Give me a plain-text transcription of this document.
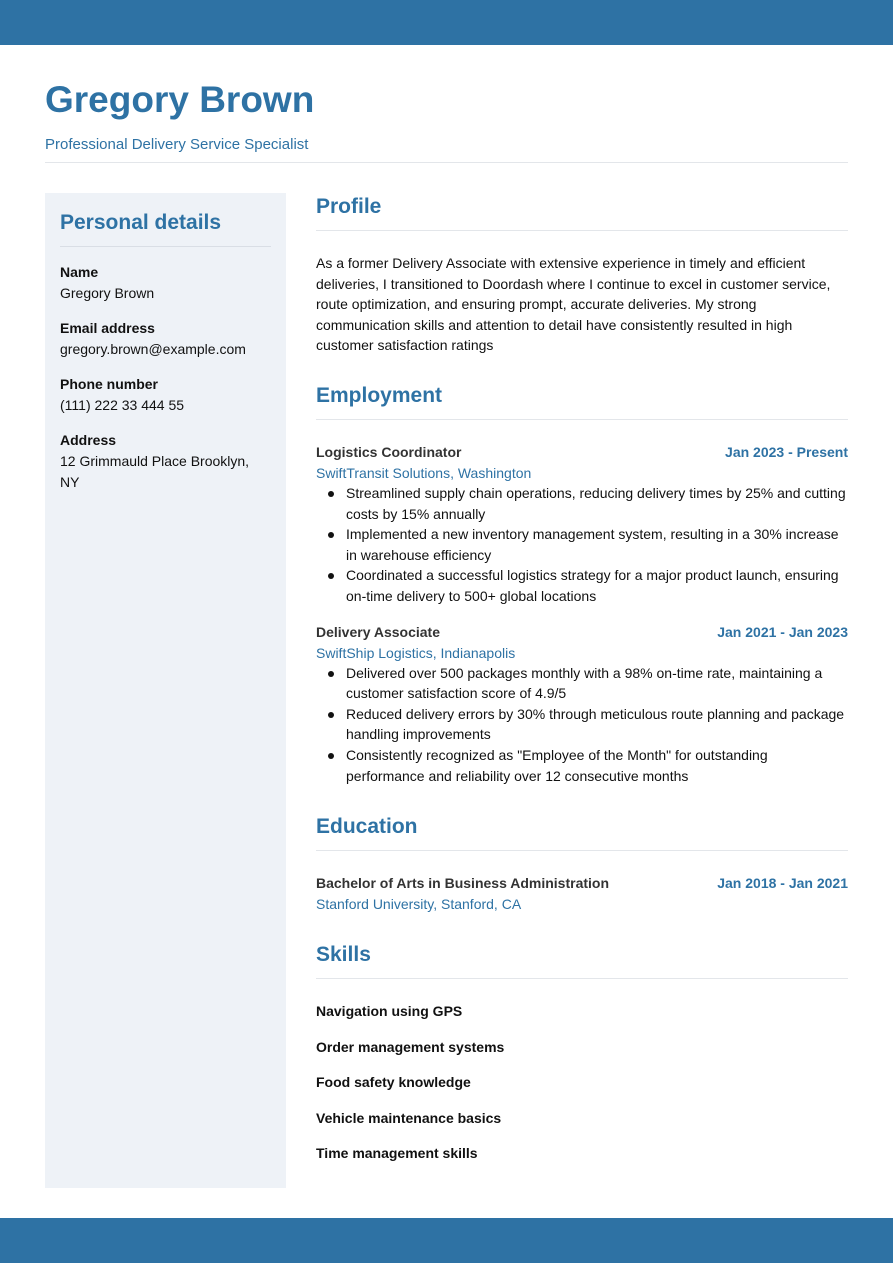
Gregory Brown
Professional Delivery Service Specialist
Personal details
Name
Gregory Brown
Email address
gregory.brown@example.com
Phone number
(111) 222 33 444 55
Address
12 Grimmauld Place Brooklyn, NY
Profile

As a former Delivery Associate with extensive experience in timely and efficient deliveries, I transitioned to Doordash where I continue to excel in customer service, route optimization, and ensuring prompt, accurate deliveries. My strong communication skills and attention to detail have consistently resulted in high customer satisfaction ratings

Employment
Logistics Coordinator	Jan 2023 - Present
SwiftTransit Solutions, Washington
Streamlined supply chain operations, reducing delivery times by 25% and cutting costs by 15% annually
Implemented a new inventory management system, resulting in a 30% increase in warehouse efficiency
Coordinated a successful logistics strategy for a major product launch, ensuring on-time delivery to 500+ global locations
Delivery Associate	Jan 2021 - Jan 2023
SwiftShip Logistics, Indianapolis
Delivered over 500 packages monthly with a 98% on-time rate, maintaining a customer satisfaction score of 4.9/5
Reduced delivery errors by 30% through meticulous route planning and package handling improvements
Consistently recognized as "Employee of the Month" for outstanding performance and reliability over 12 consecutive months
Education
Bachelor of Arts in Business Administration	Jan 2018 - Jan 2021
Stanford University, Stanford, CA
Skills
Navigation using GPS
Order management systems
Food safety knowledge
Vehicle maintenance basics
Time management skills
